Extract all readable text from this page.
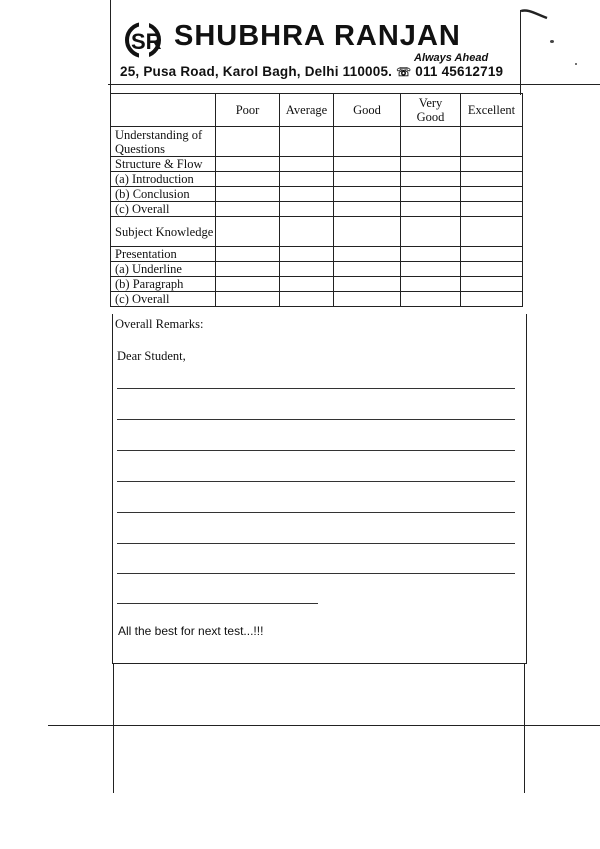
SR SHUBHRA RANJAN
Always Ahead
25, Pusa Road, Karol Bagh, Delhi 110005. ☏ 011 45612719
	Poor	Average	Good	Very Good	Excellent
Understanding of Questions					
Structure & Flow					
(a) Introduction					
(b) Conclusion					
(c) Overall					
Subject Knowledge					
Presentation					
(a) Underline					
(b) Paragraph					
(c) Overall					
Overall Remarks:
Dear Student,
All the best for next test...!!!
